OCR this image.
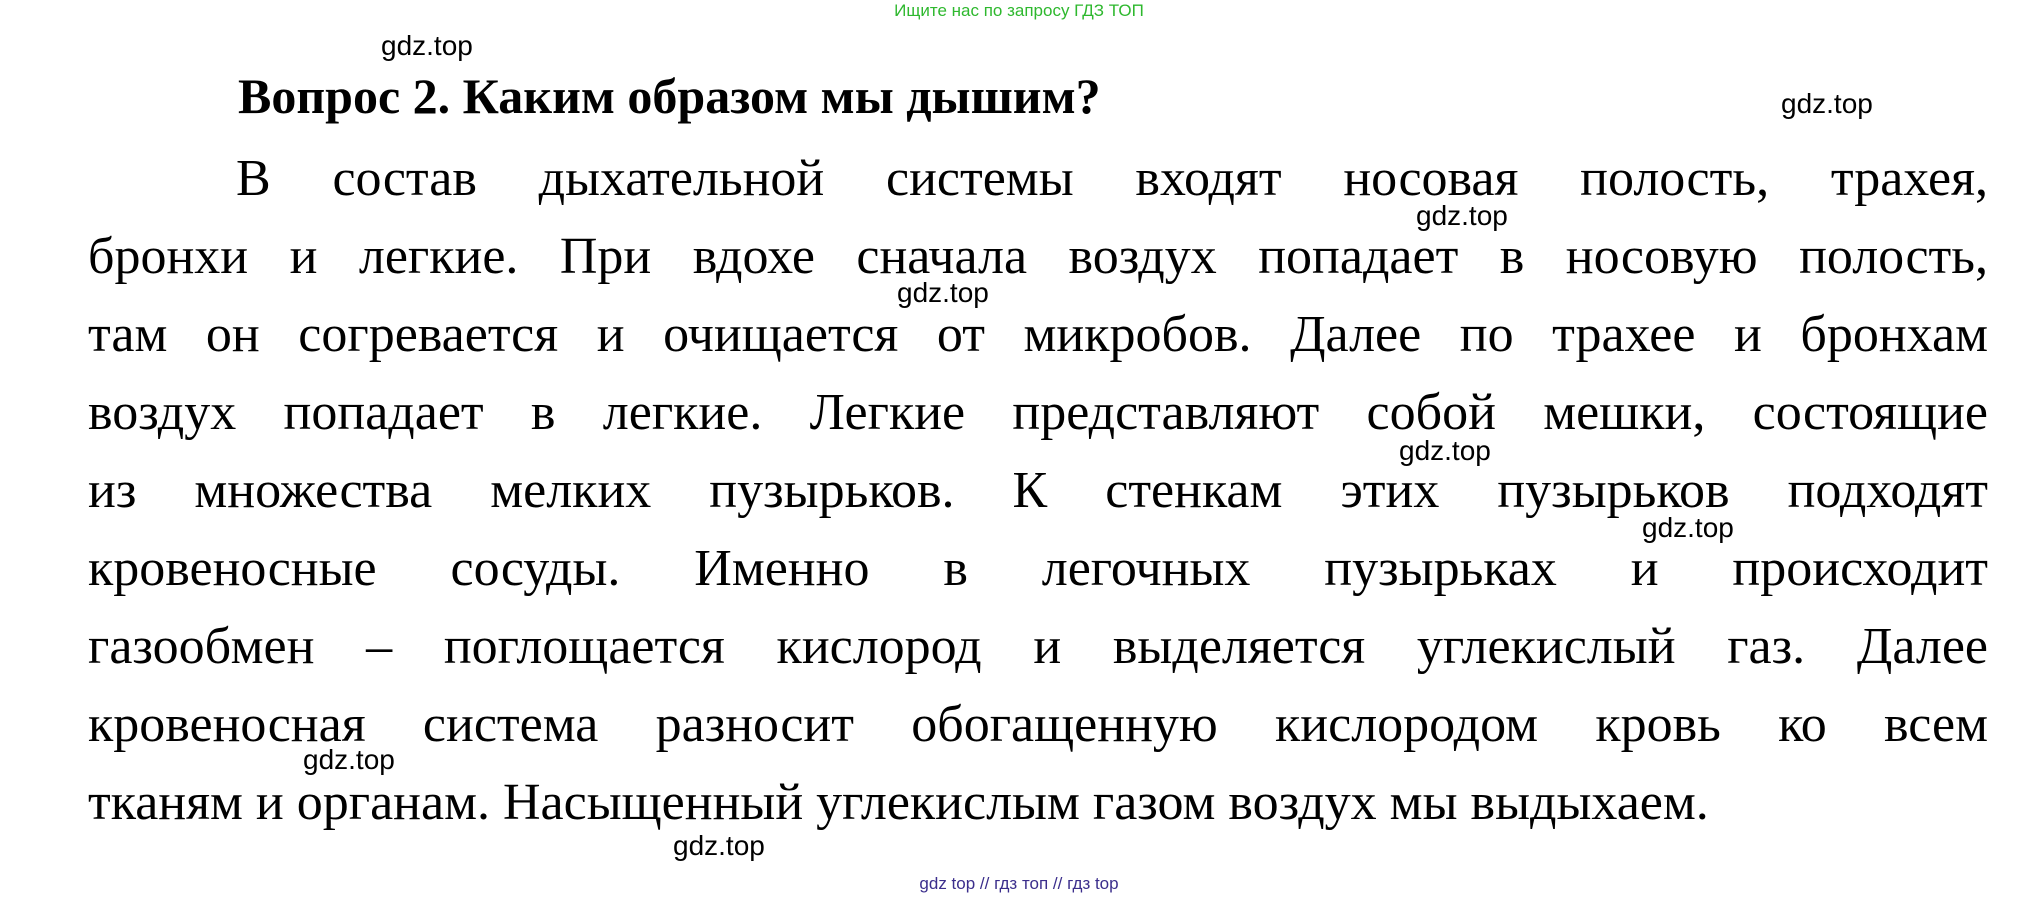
Ищите нас по запросу ГДЗ ТОП
gdz.top
gdz.top
Вопрос 2. Каким образом мы дышим?
В состав дыхательной системы входят носовая полость, трахея,
бронхи и легкие. При вдохе сначала воздух попадает в носовую полость,
там он согревается и очищается от микробов. Далее по трахее и бронхам
воздух попадает в легкие. Легкие представляют собой мешки, состоящие
из множества мелких пузырьков. К стенкам этих пузырьков подходят
кровеносные сосуды. Именно в легочных пузырьках и происходит
газообмен – поглощается кислород и выделяется углекислый газ. Далее
кровеносная система разносит обогащенную кислородом кровь ко всем
тканям и органам. Насыщенный углекислым газом воздух мы выдыхаем.
gdz.top
gdz.top
gdz.top
gdz.top
gdz.top
gdz.top
gdz top // гдз топ // гдз top
